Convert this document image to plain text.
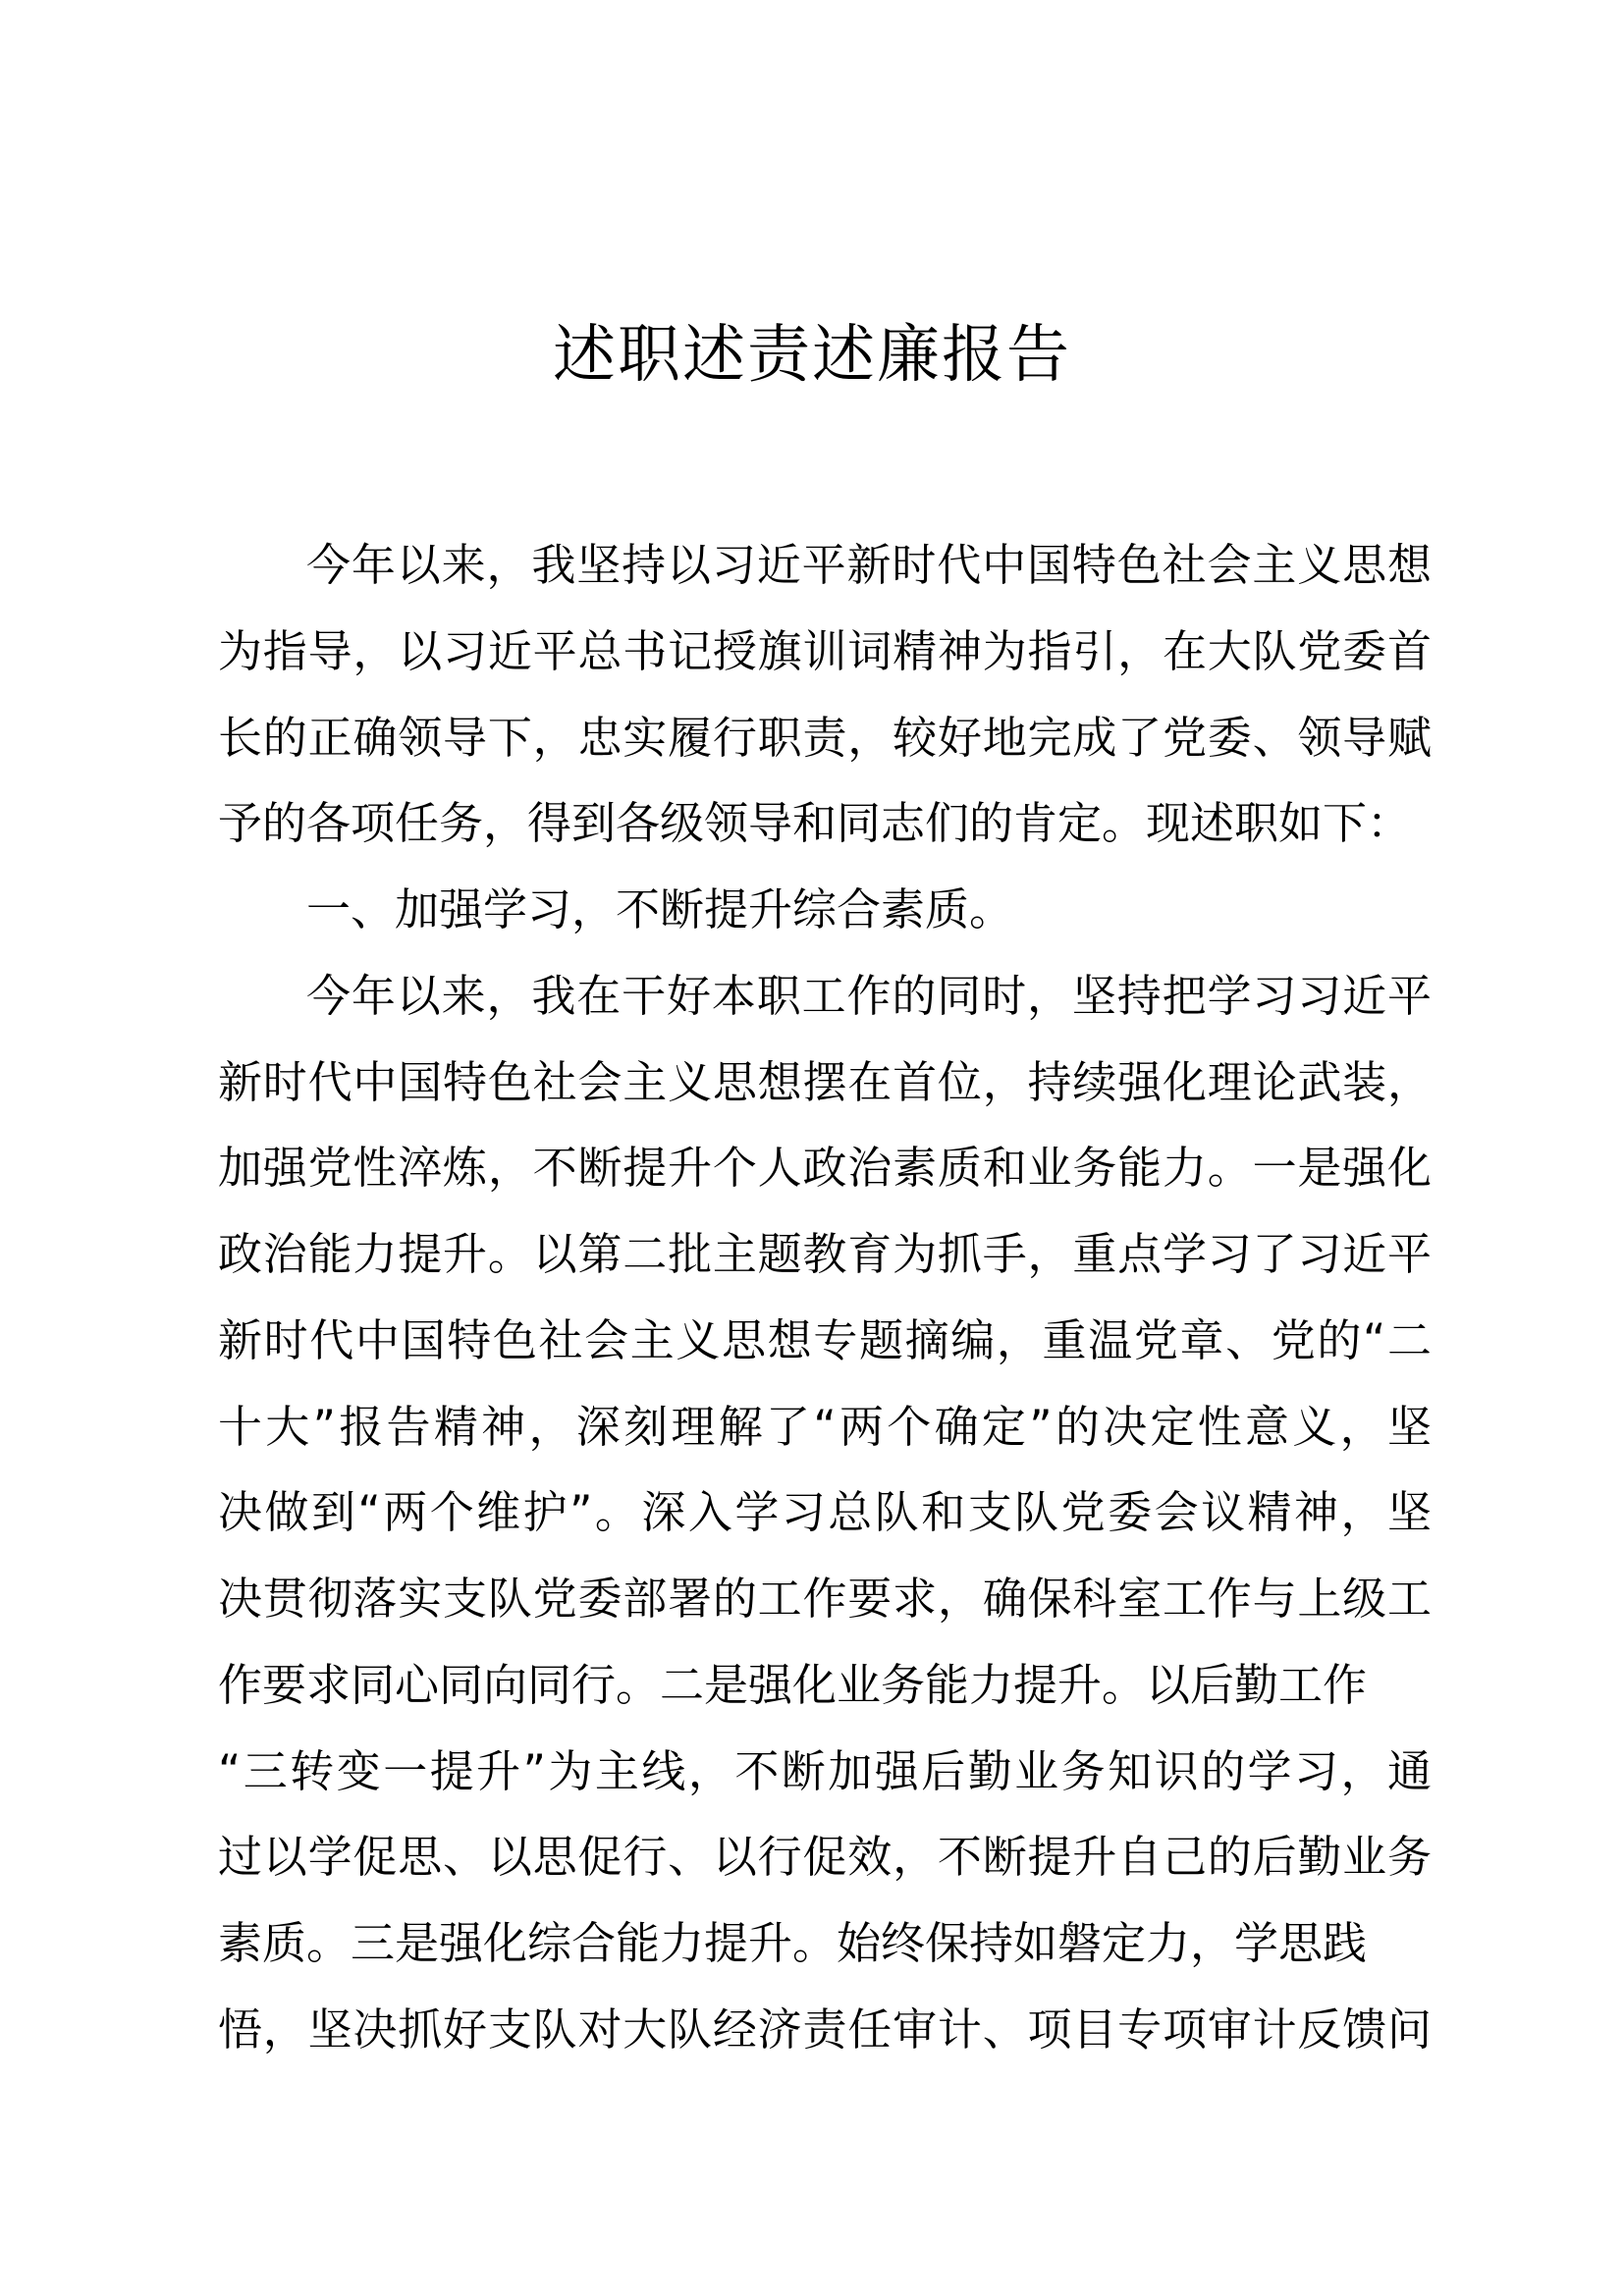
述职述责述廉报告
今年以来，我坚持以习近平新时代中国特色社会主义思想
为指导，以习近平总书记授旗训词精神为指引，在大队党委首
长的正确领导下，忠实履行职责，较好地完成了党委、领导赋
予的各项任务，得到各级领导和同志们的肯定。现述职如下：
一、加强学习，不断提升综合素质。
今年以来，我在干好本职工作的同时，坚持把学习习近平
新时代中国特色社会主义思想摆在首位，持续强化理论武装，
加强党性淬炼，不断提升个人政治素质和业务能力。一是强化
政治能力提升。以第二批主题教育为抓手，重点学习了习近平
新时代中国特色社会主义思想专题摘编，重温党章、党的“二
十大”报告精神，深刻理解了“两个确定”的决定性意义，坚
决做到“两个维护”。深入学习总队和支队党委会议精神，坚
决贯彻落实支队党委部署的工作要求，确保科室工作与上级工
作要求同心同向同行。二是强化业务能力提升。以后勤工作
“三转变一提升”为主线，不断加强后勤业务知识的学习，通
过以学促思、以思促行、以行促效，不断提升自己的后勤业务
素质。三是强化综合能力提升。始终保持如磐定力，学思践
悟，坚决抓好支队对大队经济责任审计、项目专项审计反馈问
